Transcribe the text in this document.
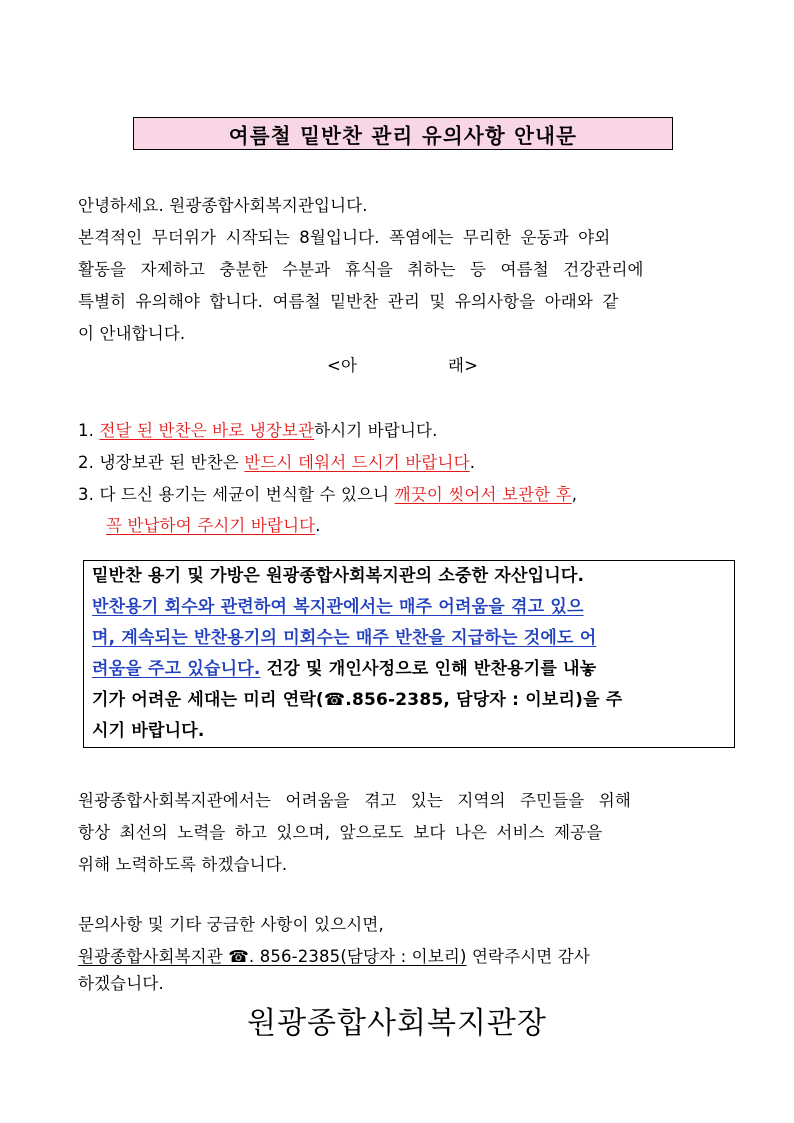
여름철 밑반찬 관리 유의사항 안내문
안녕하세요. 원광종합사회복지관입니다.
본격적인 무더위가 시작되는 8월입니다. 폭염에는 무리한 운동과 야외
활동을 자제하고 충분한 수분과 휴식을 취하는 등 여름철 건강관리에
특별히 유의해야 합니다. 여름철 밑반찬 관리 및 유의사항을 아래와 같
이 안내합니다.
<아	래>
1. 전달 된 반찬은 바로 냉장보관하시기 바랍니다.
2. 냉장보관 된 반찬은 반드시 데워서 드시기 바랍니다.
3. 다 드신 용기는 세균이 번식할 수 있으니 깨끗이 씻어서 보관한 후,
꼭 반납하여 주시기 바랍니다.
밑반찬 용기 및 가방은 원광종합사회복지관의 소중한 자산입니다.
반찬용기 회수와 관련하여 복지관에서는 매주 어려움을 겪고 있으
며, 계속되는 반찬용기의 미회수는 매주 반찬을 지급하는 것에도 어
려움을 주고 있습니다. 건강 및 개인사정으로 인해 반찬용기를 내놓
기가 어려운 세대는 미리 연락(☎.856-2385, 담당자 : 이보리)을 주
시기 바랍니다.
원광종합사회복지관에서는 어려움을 겪고 있는 지역의 주민들을 위해
항상 최선의 노력을 하고 있으며, 앞으로도 보다 나은 서비스 제공을
위해 노력하도록 하겠습니다.
문의사항 및 기타 궁금한 사항이 있으시면,
원광종합사회복지관 ☎. 856-2385(담당자 : 이보리) 연락주시면 감사
하겠습니다.
원광종합사회복지관장
